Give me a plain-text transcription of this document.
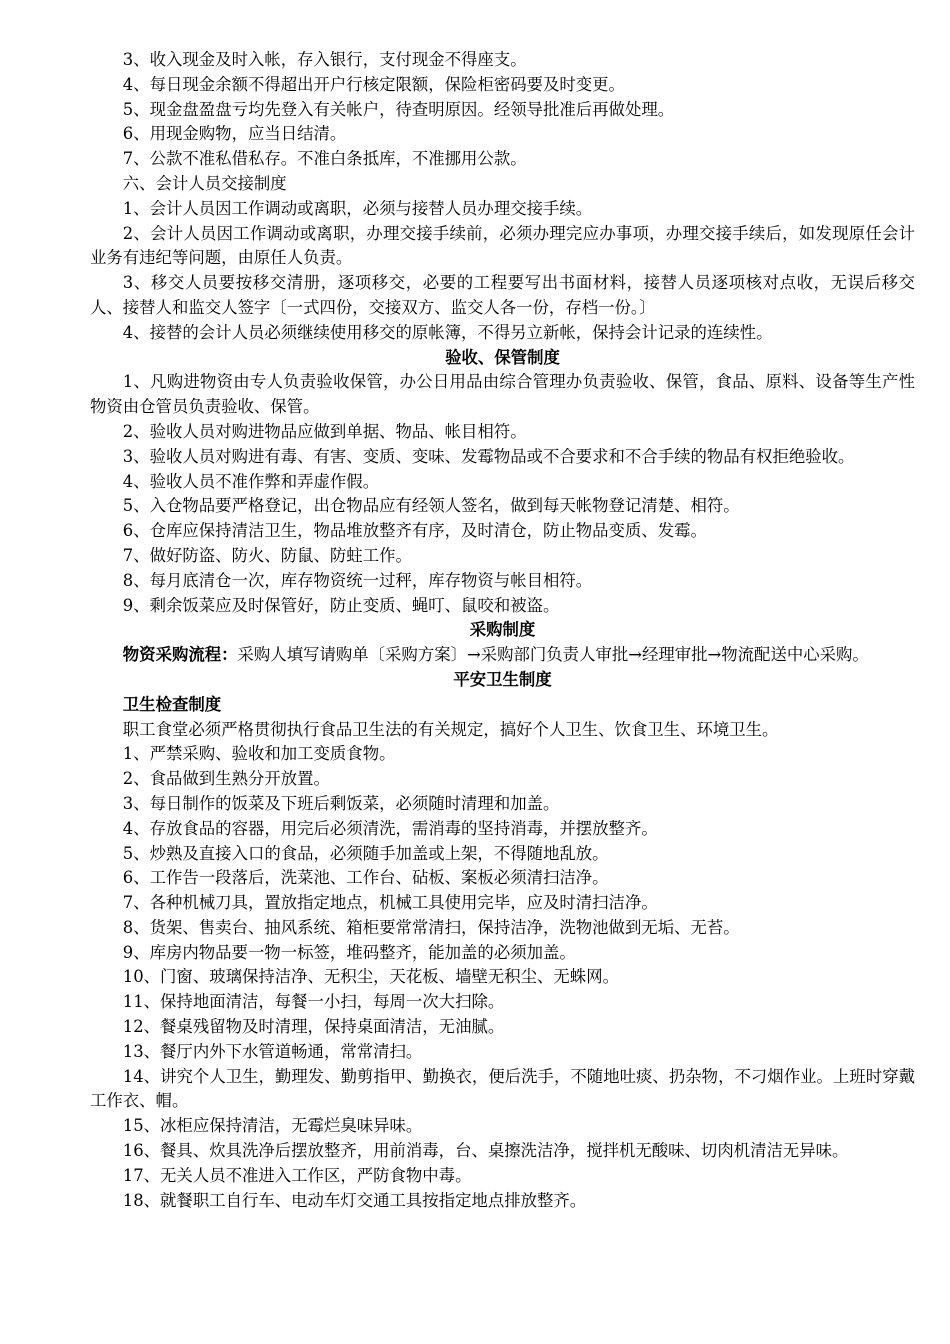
3、收入现金及时入帐，存入银行，支付现金不得座支。

4、每日现金余额不得超出开户行核定限额，保险柜密码要及时变更。

5、现金盘盈盘亏均先登入有关帐户，待查明原因。经领导批准后再做处理。

6、用现金购物，应当日结清。

7、公款不准私借私存。不准白条抵库，不准挪用公款。

六、会计人员交接制度

1、会计人员因工作调动或离职，必须与接替人员办理交接手续。

2、会计人员因工作调动或离职，办理交接手续前，必须办理完应办事项，办理交接手续后，如发现原任会计业务有违纪等问题，由原任人负责。

3、移交人员要按移交清册，逐项移交，必要的工程要写出书面材料，接替人员逐项核对点收，无误后移交人、接替人和监交人签字〔一式四份，交接双方、监交人各一份，存档一份。〕

4、接替的会计人员必须继续使用移交的原帐簿，不得另立新帐，保持会计记录的连续性。

验收、保管制度

1、凡购进物资由专人负责验收保管，办公日用品由综合管理办负责验收、保管，食品、原料、设备等生产性物资由仓管员负责验收、保管。

2、验收人员对购进物品应做到单据、物品、帐目相符。

3、验收人员对购进有毒、有害、变质、变味、发霉物品或不合要求和不合手续的物品有权拒绝验收。

4、验收人员不准作弊和弄虚作假。

5、入仓物品要严格登记，出仓物品应有经领人签名，做到每天帐物登记清楚、相符。

6、仓库应保持清洁卫生，物品堆放整齐有序，及时清仓，防止物品变质、发霉。

7、做好防盗、防火、防鼠、防蛀工作。

8、每月底清仓一次，库存物资统一过秤，库存物资与帐目相符。

9、剩余饭菜应及时保管好，防止变质、蝇叮、鼠咬和被盗。

采购制度

物资采购流程：采购人填写请购单〔采购方案〕→采购部门负责人审批→经理审批→物流配送中心采购。

平安卫生制度

卫生检查制度

职工食堂必须严格贯彻执行食品卫生法的有关规定，搞好个人卫生、饮食卫生、环境卫生。

1、严禁采购、验收和加工变质食物。

2、食品做到生熟分开放置。

3、每日制作的饭菜及下班后剩饭菜，必须随时清理和加盖。

4、存放食品的容器，用完后必须清洗，需消毒的坚持消毒，并摆放整齐。

5、炒熟及直接入口的食品，必须随手加盖或上架，不得随地乱放。

6、工作告一段落后，洗菜池、工作台、砧板、案板必须清扫洁净。

7、各种机械刀具，置放指定地点，机械工具使用完毕，应及时清扫洁净。

8、货架、售卖台、抽风系统、箱柜要常常清扫，保持洁净，洗物池做到无垢、无苔。

9、库房内物品要一物一标签，堆码整齐，能加盖的必须加盖。

10、门窗、玻璃保持洁净、无积尘，天花板、墙壁无积尘、无蛛网。

11、保持地面清洁，每餐一小扫，每周一次大扫除。

12、餐桌残留物及时清理，保持桌面清洁，无油腻。

13、餐厅内外下水管道畅通，常常清扫。

14、讲究个人卫生，勤理发、勤剪指甲、勤换衣，便后洗手，不随地吐痰、扔杂物，不刁烟作业。上班时穿戴工作衣、帽。

15、冰柜应保持清洁，无霉烂臭味异味。

16、餐具、炊具洗净后摆放整齐，用前消毒，台、桌擦洗洁净，搅拌机无酸味、切肉机清洁无异味。

17、无关人员不准进入工作区，严防食物中毒。

18、就餐职工自行车、电动车灯交通工具按指定地点排放整齐。
